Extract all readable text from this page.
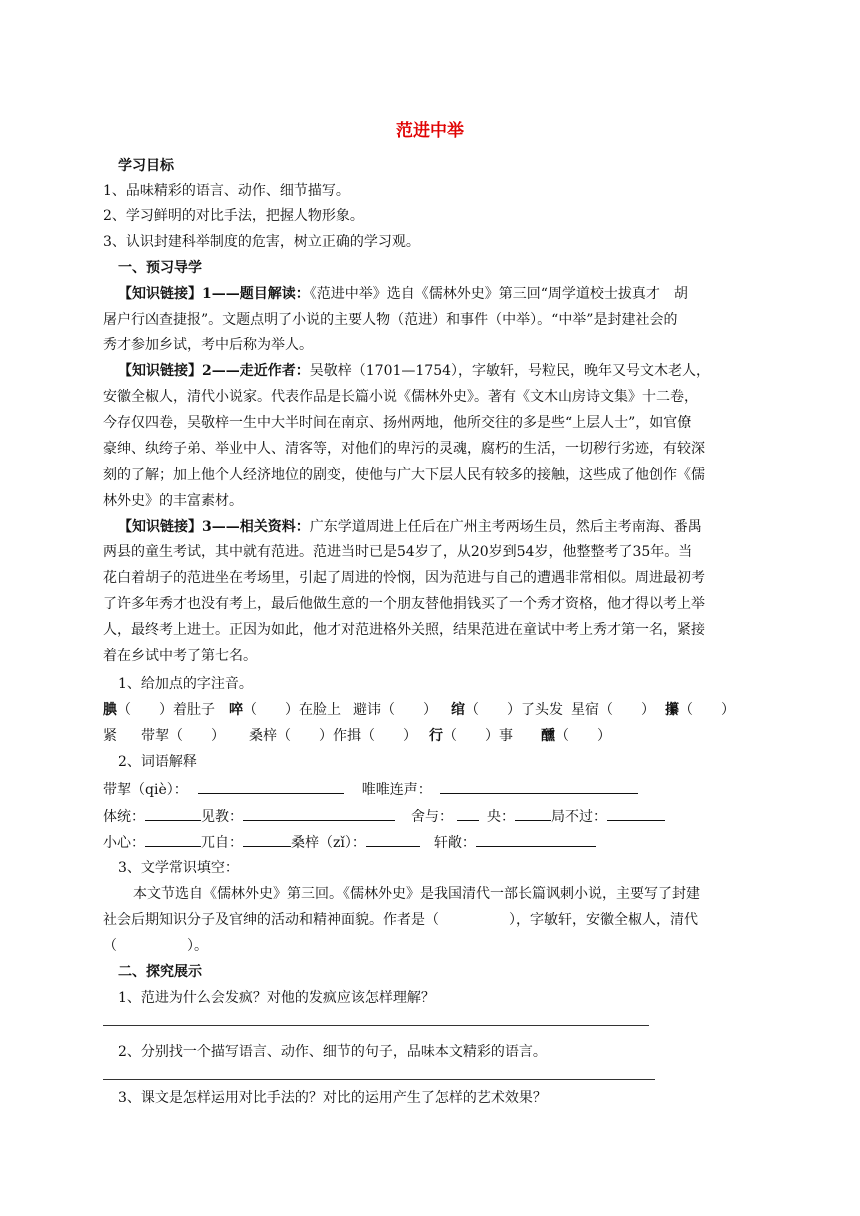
范进中举
学习目标
1、品味精彩的语言、动作、细节描写。
2、学习鲜明的对比手法，把握人物形象。
3、认识封建科举制度的危害，树立正确的学习观。
一、预习导学
【知识链接】1——题目解读：《范进中举》选自《儒林外史》第三回“周学道校士拔真才　胡
屠户行凶查捷报”。文题点明了小说的主要人物（范进）和事件（中举）。“中举”是封建社会的
秀才参加乡试，考中后称为举人。
【知识链接】2——走近作者：吴敬梓（1701—1754），字敏轩，号粒民，晚年又号文木老人，
安徽全椒人，清代小说家。代表作品是长篇小说《儒林外史》。著有《文木山房诗文集》十二卷，
今存仅四卷，吴敬梓一生中大半时间在南京、扬州两地，他所交往的多是些“上层人士”，如官僚
豪绅、纨绔子弟、举业中人、清客等，对他们的卑污的灵魂，腐朽的生活，一切秽行劣迹，有较深
刻的了解；加上他个人经济地位的剧变，使他与广大下层人民有较多的接触，这些成了他创作《儒
林外史》的丰富素材。
【知识链接】3——相关资料：广东学道周进上任后在广州主考两场生员，然后主考南海、番禺
两县的童生考试，其中就有范进。范进当时已是54岁了，从20岁到54岁，他整整考了35年。当
花白着胡子的范进坐在考场里，引起了周进的怜悯，因为范进与自己的遭遇非常相似。周进最初考
了许多年秀才也没有考上，最后他做生意的一个朋友替他捐钱买了一个秀才资格，他才得以考上举
人，最终考上进士。正因为如此，他才对范进格外关照，结果范进在童试中考上秀才第一名，紧接
着在乡试中考了第七名。
1、给加点的字注音。
腆（　　）着肚子 啐（　　）在脸上 避讳（　　） 绾（　　）了头发 星宿（　　） 攥（　　）
紧 带挈（　　） 桑梓（　　）作揖（　　） 行（　　）事 醺（　　）
2、词语解释
带挈（qiè）：	唯唯连声：
体统：	见教：	舍与： 央：	局不过：
小心：	兀自：	桑梓（zǐ）：	轩敞：
3、文学常识填空：
本文节选自《儒林外史》第三回。《儒林外史》是我国清代一部长篇讽刺小说，主要写了封建
社会后期知识分子及官绅的活动和精神面貌。作者是（　　　　　），字敏轩，安徽全椒人，清代
（　　　　　）。
二、探究展示
1、范进为什么会发疯？对他的发疯应该怎样理解？
2、分别找一个描写语言、动作、细节的句子，品味本文精彩的语言。
3、课文是怎样运用对比手法的？对比的运用产生了怎样的艺术效果？
